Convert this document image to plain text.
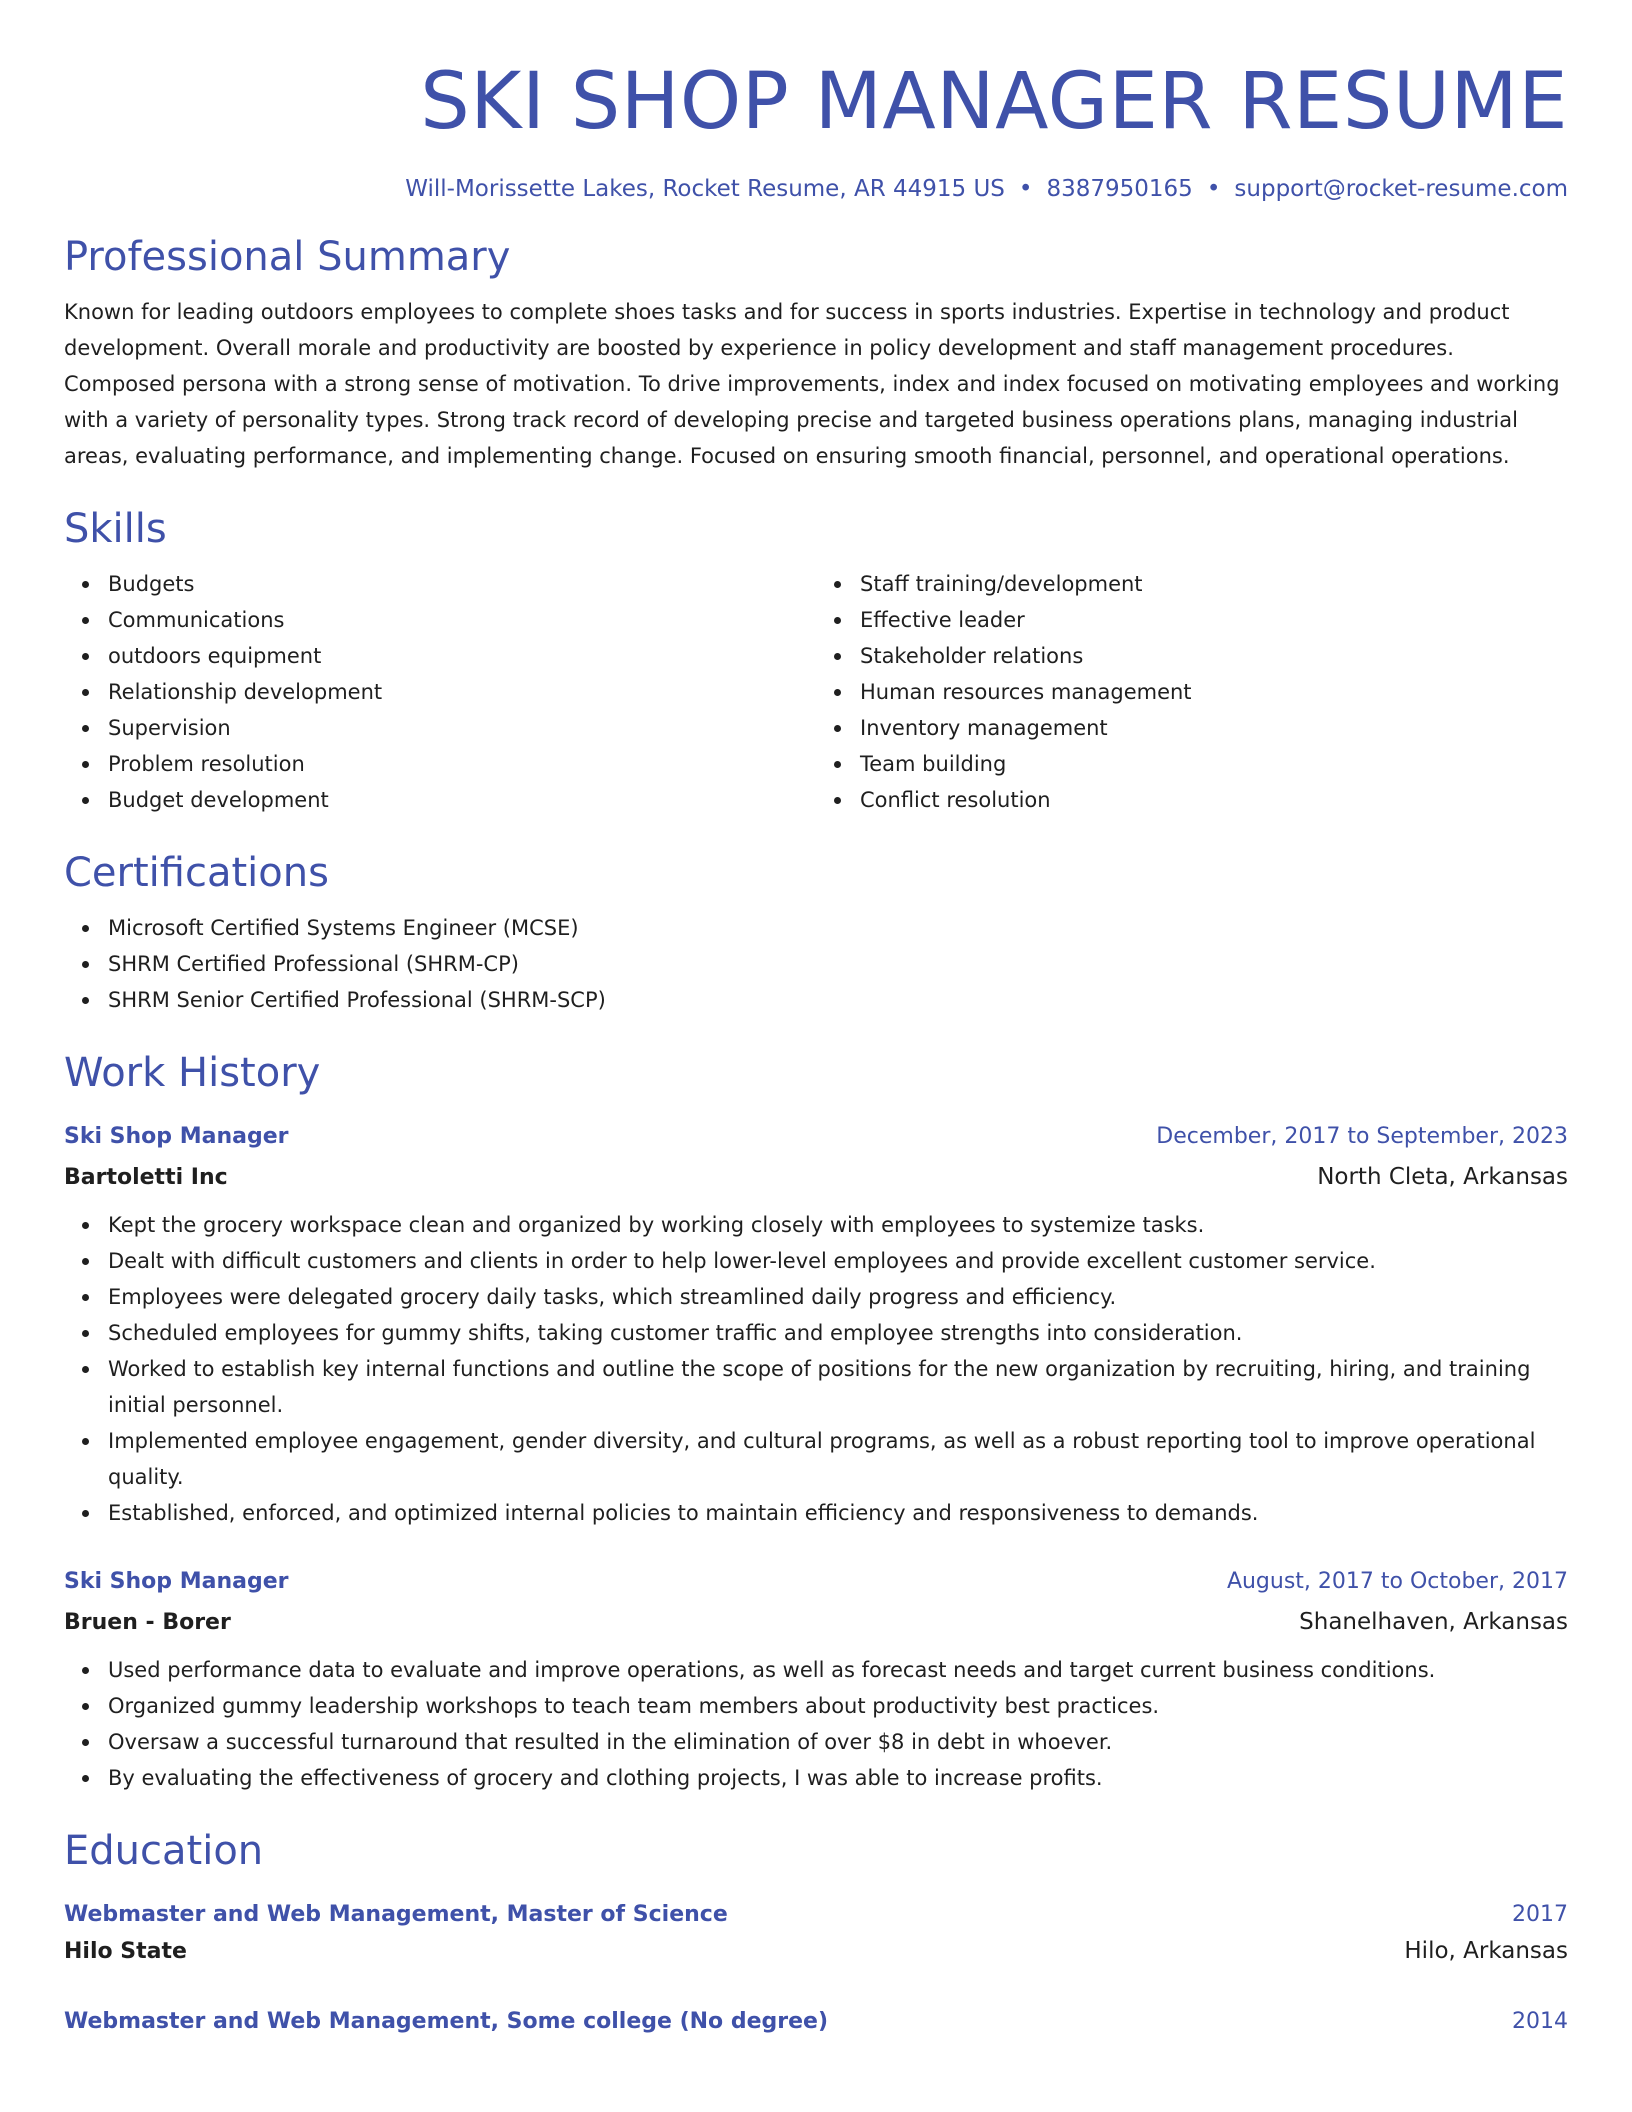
SKI SHOP MANAGER RESUME
Will-Morissette Lakes, Rocket Resume, AR 44915 US • 8387950165 • support@rocket-resume.com
Professional Summary

Known for leading outdoors employees to complete shoes tasks and for success in sports industries. Expertise in technology and product development. Overall morale and productivity are boosted by experience in policy development and staff management procedures. Composed persona with a strong sense of motivation. To drive improvements, index and index focused on motivating employees and working with a variety of personality types. Strong track record of developing precise and targeted business operations plans, managing industrial areas, evaluating performance, and implementing change. Focused on ensuring smooth financial, personnel, and operational operations.

Skills
Budgets
Communications
outdoors equipment
Relationship development
Supervision
Problem resolution
Budget development
Staff training/development
Effective leader
Stakeholder relations
Human resources management
Inventory management
Team building
Conflict resolution
Certifications
Microsoft Certified Systems Engineer (MCSE)
SHRM Certified Professional (SHRM-CP)
SHRM Senior Certified Professional (SHRM-SCP)
Work History
Ski Shop Manager	December, 2017 to September, 2023
Bartoletti Inc	North Cleta, Arkansas
Kept the grocery workspace clean and organized by working closely with employees to systemize tasks.
Dealt with difficult customers and clients in order to help lower-level employees and provide excellent customer service.
Employees were delegated grocery daily tasks, which streamlined daily progress and efficiency.
Scheduled employees for gummy shifts, taking customer traffic and employee strengths into consideration.
Worked to establish key internal functions and outline the scope of positions for the new organization by recruiting, hiring, and training initial personnel.
Implemented employee engagement, gender diversity, and cultural programs, as well as a robust reporting tool to improve operational quality.
Established, enforced, and optimized internal policies to maintain efficiency and responsiveness to demands.
Ski Shop Manager	August, 2017 to October, 2017
Bruen - Borer	Shanelhaven, Arkansas
Used performance data to evaluate and improve operations, as well as forecast needs and target current business conditions.
Organized gummy leadership workshops to teach team members about productivity best practices.
Oversaw a successful turnaround that resulted in the elimination of over $8 in debt in whoever.
By evaluating the effectiveness of grocery and clothing projects, I was able to increase profits.
Education
Webmaster and Web Management, Master of Science	2017
Hilo State	Hilo, Arkansas
Webmaster and Web Management, Some college (No degree)	2014
